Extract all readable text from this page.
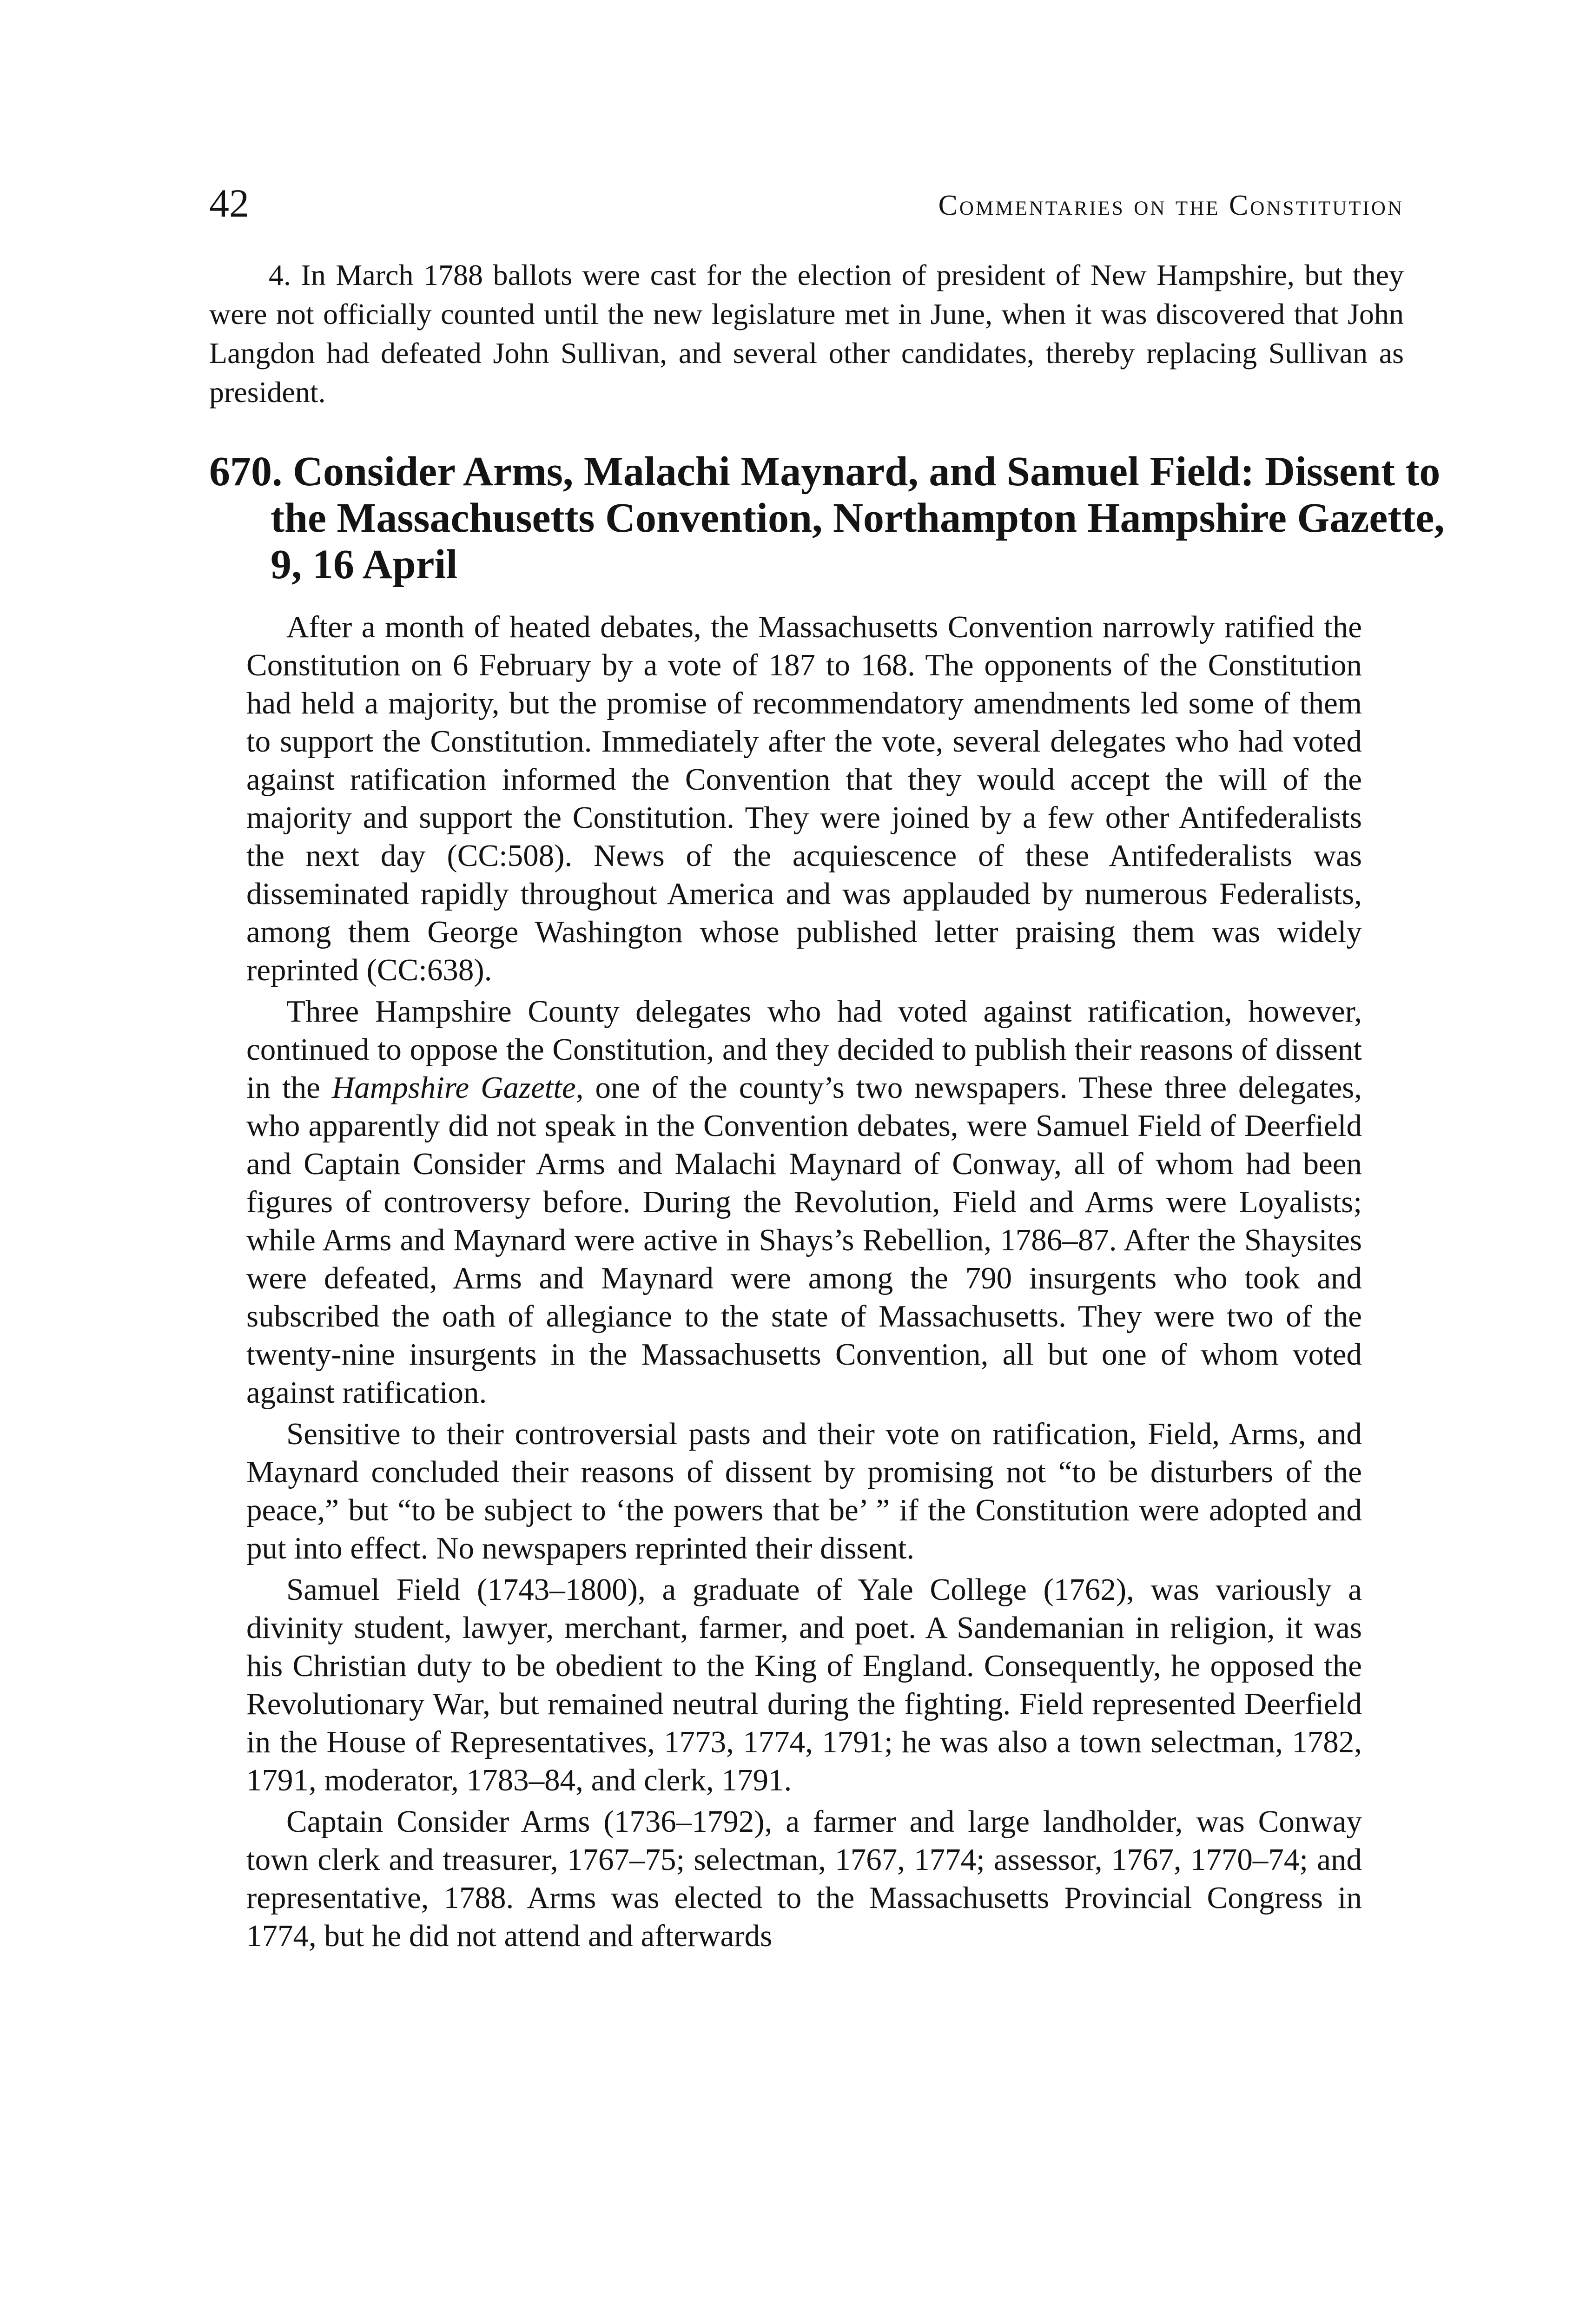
42	Commentaries on the Constitution

4. In March 1788 ballots were cast for the election of president of New Hampshire, but they were not officially counted until the new legislature met in June, when it was discovered that John Langdon had defeated John Sullivan, and several other candidates, thereby replacing Sullivan as president.

670. Consider Arms, Malachi Maynard, and Samuel Field: Dissent to the Massachusetts Convention, Northampton Hampshire Gazette, 9, 16 April

After a month of heated debates, the Massachusetts Convention narrowly ratified the Constitution on 6 February by a vote of 187 to 168. The opponents of the Constitution had held a majority, but the promise of recommendatory amendments led some of them to support the Constitution. Immediately after the vote, several delegates who had voted against ratification informed the Convention that they would accept the will of the majority and support the Constitution. They were joined by a few other Antifederalists the next day (CC:508). News of the acquiescence of these Antifederalists was disseminated rapidly throughout America and was applauded by numerous Federalists, among them George Washington whose published letter praising them was widely reprinted (CC:638).

Three Hampshire County delegates who had voted against ratification, however, continued to oppose the Constitution, and they decided to publish their reasons of dissent in the Hampshire Gazette, one of the county’s two newspapers. These three delegates, who apparently did not speak in the Convention debates, were Samuel Field of Deerfield and Captain Consider Arms and Malachi Maynard of Conway, all of whom had been figures of controversy before. During the Revolution, Field and Arms were Loyalists; while Arms and Maynard were active in Shays’s Rebellion, 1786–87. After the Shaysites were defeated, Arms and Maynard were among the 790 insurgents who took and subscribed the oath of allegiance to the state of Massachusetts. They were two of the twenty-nine insurgents in the Massachusetts Convention, all but one of whom voted against ratification.

Sensitive to their controversial pasts and their vote on ratification, Field, Arms, and Maynard concluded their reasons of dissent by promising not “to be disturbers of the peace,” but “to be subject to ‘the powers that be’ ” if the Constitution were adopted and put into effect. No newspapers reprinted their dissent.

Samuel Field (1743–1800), a graduate of Yale College (1762), was variously a divinity student, lawyer, merchant, farmer, and poet. A Sandemanian in religion, it was his Christian duty to be obedient to the King of England. Consequently, he opposed the Revolutionary War, but remained neutral during the fighting. Field represented Deerfield in the House of Representatives, 1773, 1774, 1791; he was also a town selectman, 1782, 1791, moderator, 1783–84, and clerk, 1791.

Captain Consider Arms (1736–1792), a farmer and large landholder, was Conway town clerk and treasurer, 1767–75; selectman, 1767, 1774; assessor, 1767, 1770–74; and representative, 1788. Arms was elected to the Massachusetts Provincial Congress in 1774, but he did not attend and afterwards
